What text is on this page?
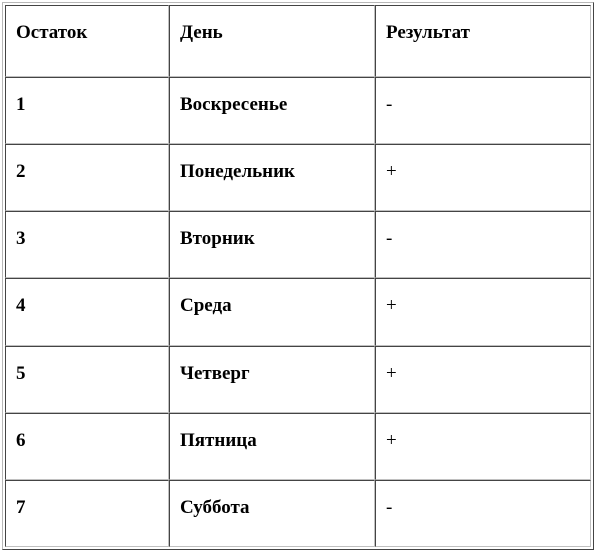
Остаток	День	Результат
1	Воскресенье	-
2	Понедельник	+
3	Вторник	-
4	Среда	+
5	Четверг	+
6	Пятница	+
7	Суббота	-
